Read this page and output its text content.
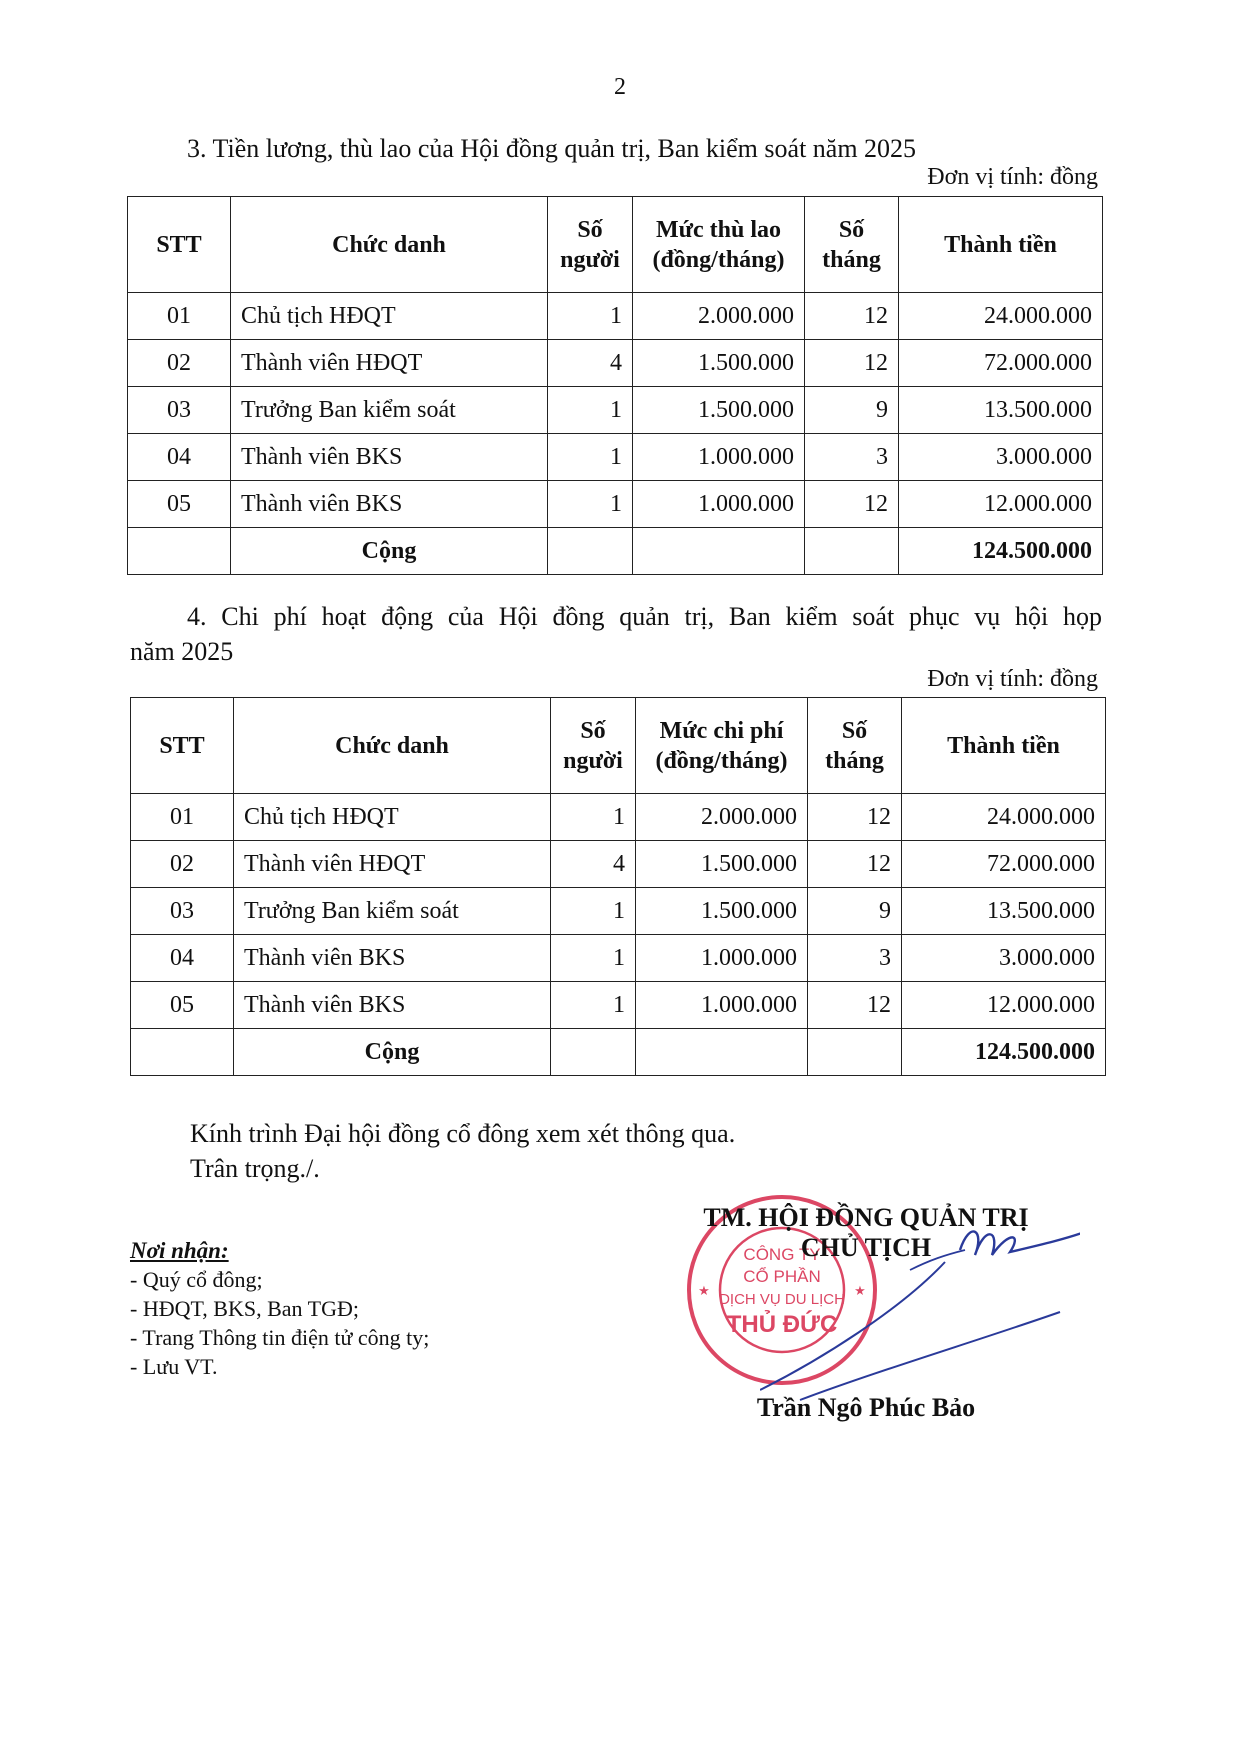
2
3. Tiền lương, thù lao của Hội đồng quản trị, Ban kiểm soát năm 2025
Đơn vị tính: đồng
STT	Chức danh	Số người	Mức thù lao (đồng/tháng)	Số tháng	Thành tiền
01	Chủ tịch HĐQT	1	2.000.000	12	24.000.000
02	Thành viên HĐQT	4	1.500.000	12	72.000.000
03	Trưởng Ban kiểm soát	1	1.500.000	9	13.500.000
04	Thành viên BKS	1	1.000.000	3	3.000.000
05	Thành viên BKS	1	1.000.000	12	12.000.000
	Cộng				124.500.000
4. Chi phí hoạt động của Hội đồng quản trị, Ban kiểm soát phục vụ hội họp
năm 2025
Đơn vị tính: đồng
STT	Chức danh	Số người	Mức chi phí (đồng/tháng)	Số tháng	Thành tiền
01	Chủ tịch HĐQT	1	2.000.000	12	24.000.000
02	Thành viên HĐQT	4	1.500.000	12	72.000.000
03	Trưởng Ban kiểm soát	1	1.500.000	9	13.500.000
04	Thành viên BKS	1	1.000.000	3	3.000.000
05	Thành viên BKS	1	1.000.000	12	12.000.000
	Cộng				124.500.000
Kính trình Đại hội đồng cổ đông xem xét thông qua.
Trân trọng./.
Nơi nhận:
- Quý cổ đông;
- HĐQT, BKS, Ban TGĐ;
- Trang Thông tin điện tử công ty;
- Lưu VT.
CÔNG TY
CỔ PHẦN
DỊCH VỤ DU LỊCH
THỦ ĐỨC
★	★
TM. HỘI ĐỒNG QUẢN TRỊ
CHỦ TỊCH
Trần Ngô Phúc Bảo
